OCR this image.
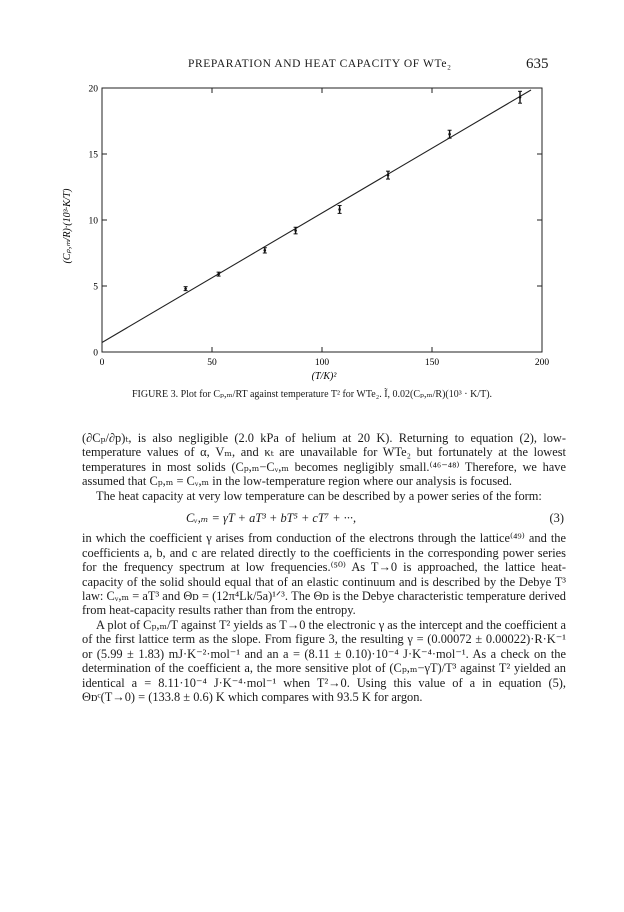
PREPARATION AND HEAT CAPACITY OF WTe₂	635
0	50	100	150	200
0
5
10
15
20
(T/K)²
(Cₚ,ₘ/R)·(10³·K/T)
FIGURE 3. Plot for Cₚ,ₘ/RT against temperature T² for WTe₂. Ĩ, 0.02(Cₚ,ₘ/R)(10³ · K/T).

(∂Cₚ/∂p)ₜ, is also negligible (2.0 kPa of helium at 20 K). Returning to equation (2), low-temperature values of α, Vₘ, and κₜ are unavailable for WTe₂ but fortunately at the lowest temperatures in most solids (Cₚ,ₘ−Cᵥ,ₘ becomes negligibly small.⁽⁴⁶⁻⁴⁸⁾ Therefore, we have assumed that Cₚ,ₘ = Cᵥ,ₘ in the low-temperature region where our analysis is focused.

The heat capacity at very low temperature can be described by a power series of the form:

Cᵥ,ₘ = γT + aT³ + bT⁵ + cT⁷ + ···,	(3)

in which the coefficient γ arises from conduction of the electrons through the lattice⁽⁴⁹⁾ and the coefficients a, b, and c are related directly to the coefficients in the corresponding power series for the frequency spectrum at low frequencies.⁽⁵⁰⁾ As T→0 is approached, the lattice heat-capacity of the solid should equal that of an elastic continuum and is described by the Debye T³ law: Cᵥ,ₘ = aT³ and Θᴅ = (12π⁴Lk/5a)¹ᐟ³. The Θᴅ is the Debye characteristic temperature derived from heat-capacity results rather than from the entropy.

A plot of Cₚ,ₘ/T against T² yields as T→0 the electronic γ as the intercept and the coefficient a of the first lattice term as the slope. From figure 3, the resulting γ = (0.00072 ± 0.00022)·R·K⁻¹ or (5.99 ± 1.83) mJ·K⁻²·mol⁻¹ and an a = (8.11 ± 0.10)·10⁻⁴ J·K⁻⁴·mol⁻¹. As a check on the determination of the coefficient a, the more sensitive plot of (Cₚ,ₘ−γT)/T³ against T² yielded an identical a = 8.11·10⁻⁴ J·K⁻⁴·mol⁻¹ when T²→0. Using this value of a in equation (5), Θᴅᶜ(T→0) = (133.8 ± 0.6) K which compares with 93.5 K for argon.
